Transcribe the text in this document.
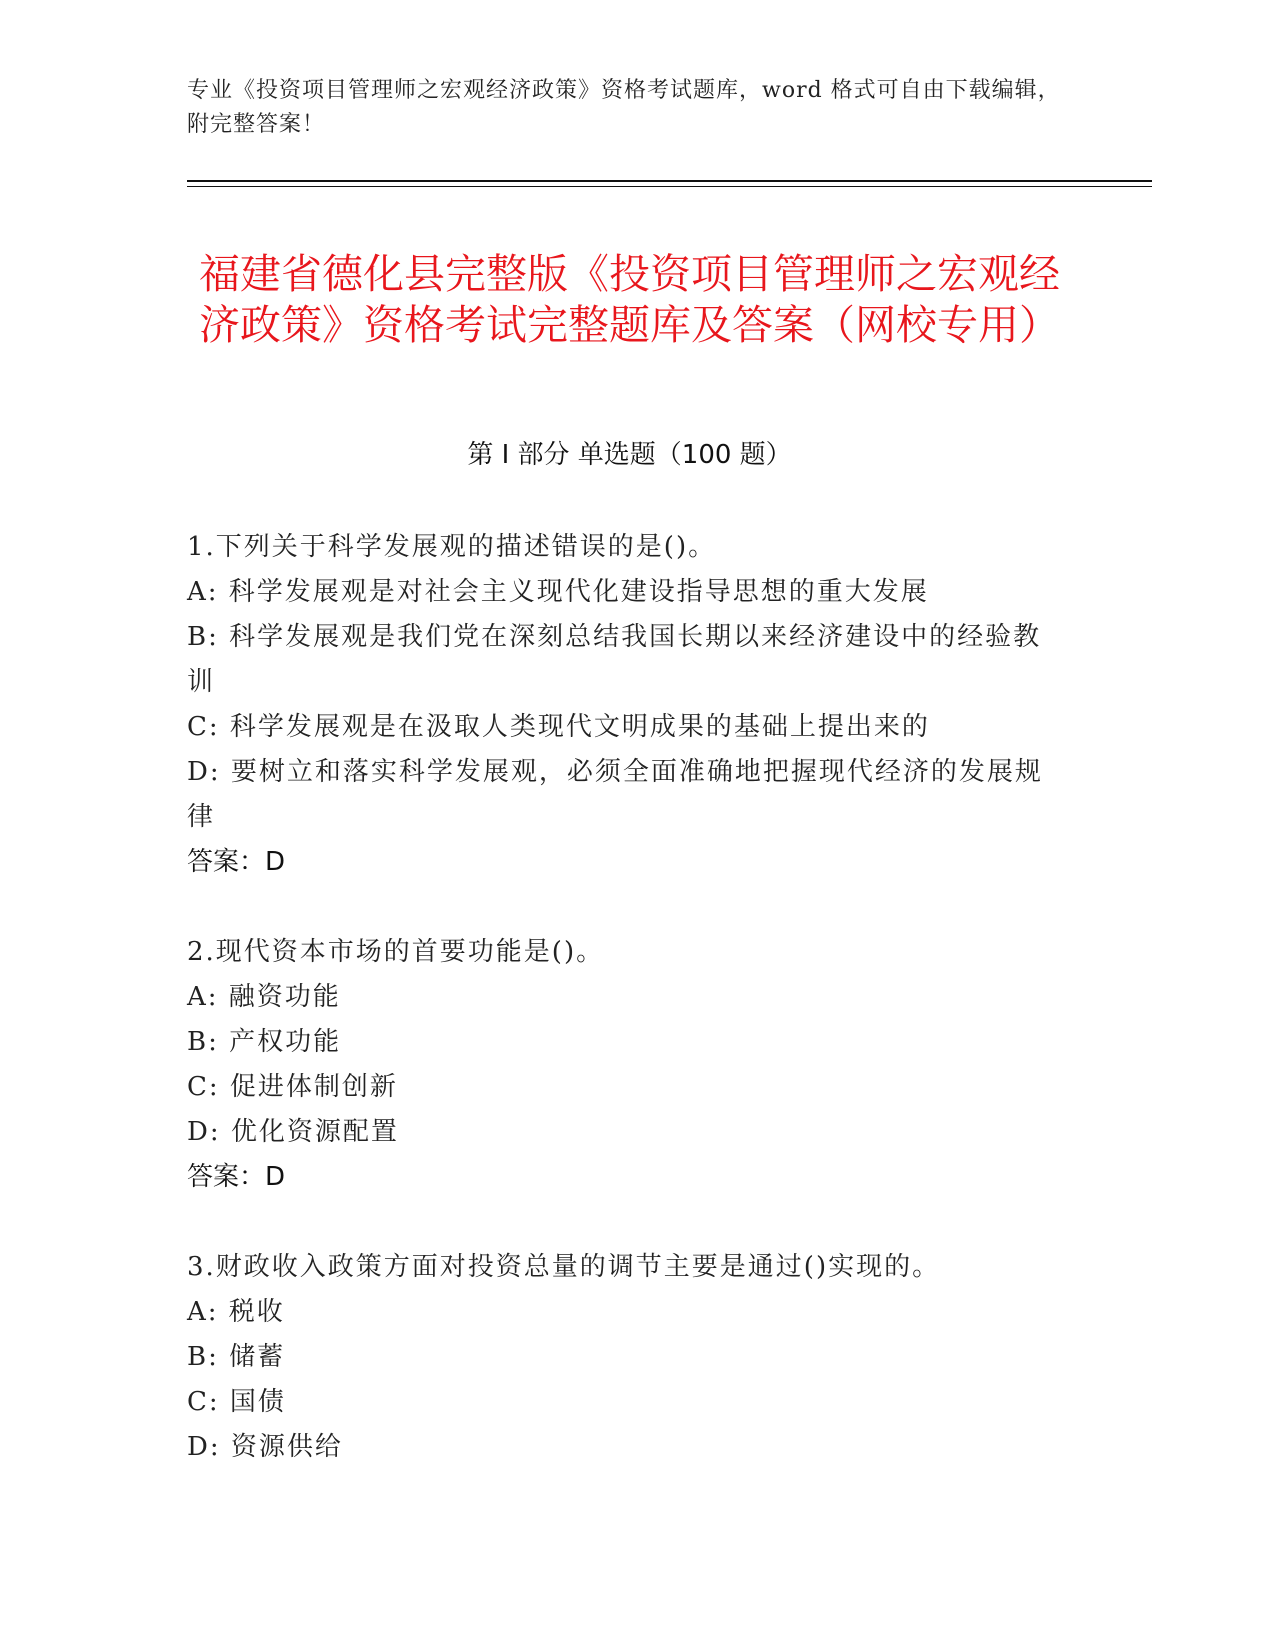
专业《投资项目管理师之宏观经济政策》资格考试题库，word 格式可自由下载编辑，附完整答案！
福建省德化县完整版《投资项目管理师之宏观经济政策》资格考试完整题库及答案（网校专用）
第 I 部分 单选题（100 题）
1.下列关于科学发展观的描述错误的是()。
A: 科学发展观是对社会主义现代化建设指导思想的重大发展
B: 科学发展观是我们党在深刻总结我国长期以来经济建设中的经验教训
C: 科学发展观是在汲取人类现代文明成果的基础上提出来的
D: 要树立和落实科学发展观，必须全面准确地把握现代经济的发展规律
答案：D
2.现代资本市场的首要功能是()。
A: 融资功能
B: 产权功能
C: 促进体制创新
D: 优化资源配置
答案：D
3.财政收入政策方面对投资总量的调节主要是通过()实现的。
A: 税收
B: 储蓄
C: 国债
D: 资源供给
